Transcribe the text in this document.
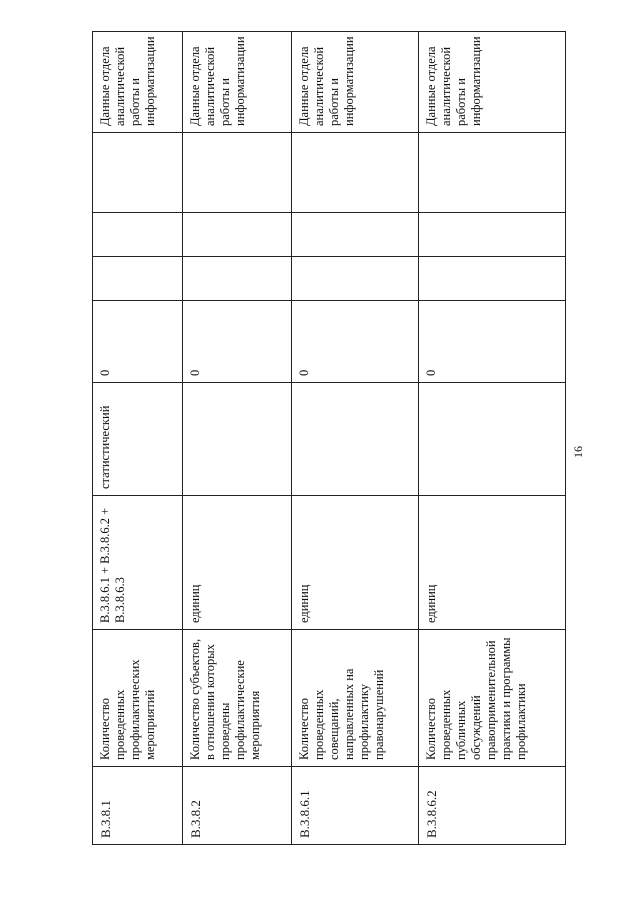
В.3.8.1	Количество проведенных профилактических мероприятий	В.3.8.6.1 + В.3.8.6.2 + В.3.8.6.3	статистический	0				Данные отдела аналитической работы и информатизации
В.3.8.2	Количество субъектов, в отношении которых проведены профилактические мероприятия	единиц		0				Данные отдела аналитической работы и информатизации
В.3.8.6.1	Количество проведенных совещаний, направленных на профилактику правонарушений	единиц		0				Данные отдела аналитической работы и информатизации
В.3.8.6.2	Количество проведенных публичных обсуждений правоприменительной практики и программы профилактики	единиц		0				Данные отдела аналитической работы и информатизации
16
